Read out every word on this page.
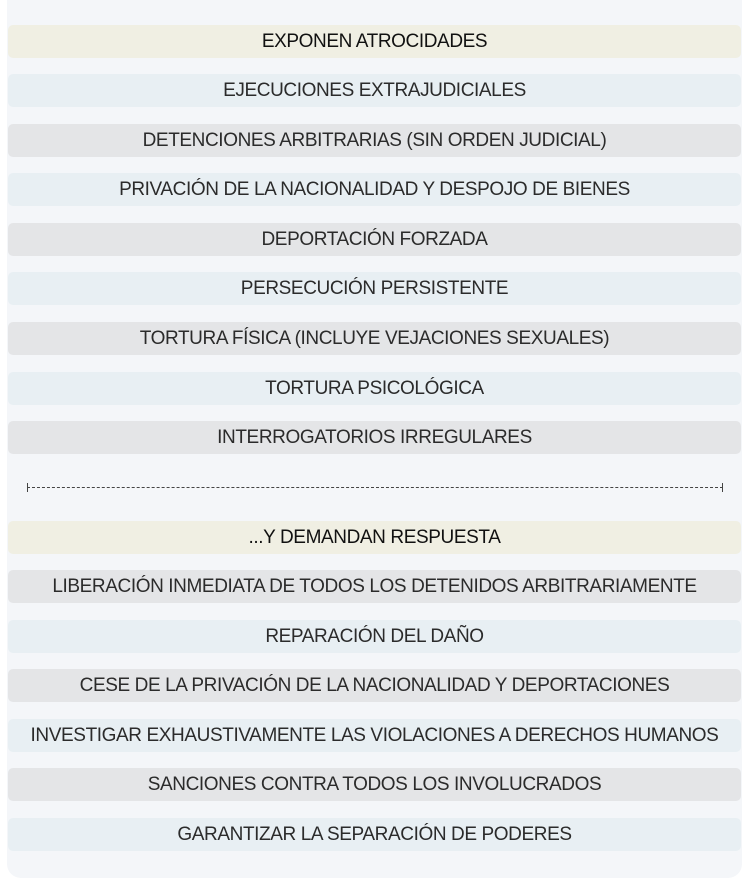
EXPONEN ATROCIDADES
EJECUCIONES EXTRAJUDICIALES
DETENCIONES ARBITRARIAS (SIN ORDEN JUDICIAL)
PRIVACIÓN DE LA NACIONALIDAD Y DESPOJO DE BIENES
DEPORTACIÓN FORZADA
PERSECUCIÓN PERSISTENTE
TORTURA FÍSICA (INCLUYE VEJACIONES SEXUALES)
TORTURA PSICOLÓGICA
INTERROGATORIOS IRREGULARES
...Y DEMANDAN RESPUESTA
LIBERACIÓN INMEDIATA DE TODOS LOS DETENIDOS ARBITRARIAMENTE
REPARACIÓN DEL DAÑO
CESE DE LA PRIVACIÓN DE LA NACIONALIDAD Y DEPORTACIONES
INVESTIGAR EXHAUSTIVAMENTE LAS VIOLACIONES A DERECHOS HUMANOS
SANCIONES CONTRA TODOS LOS INVOLUCRADOS
GARANTIZAR LA SEPARACIÓN DE PODERES
